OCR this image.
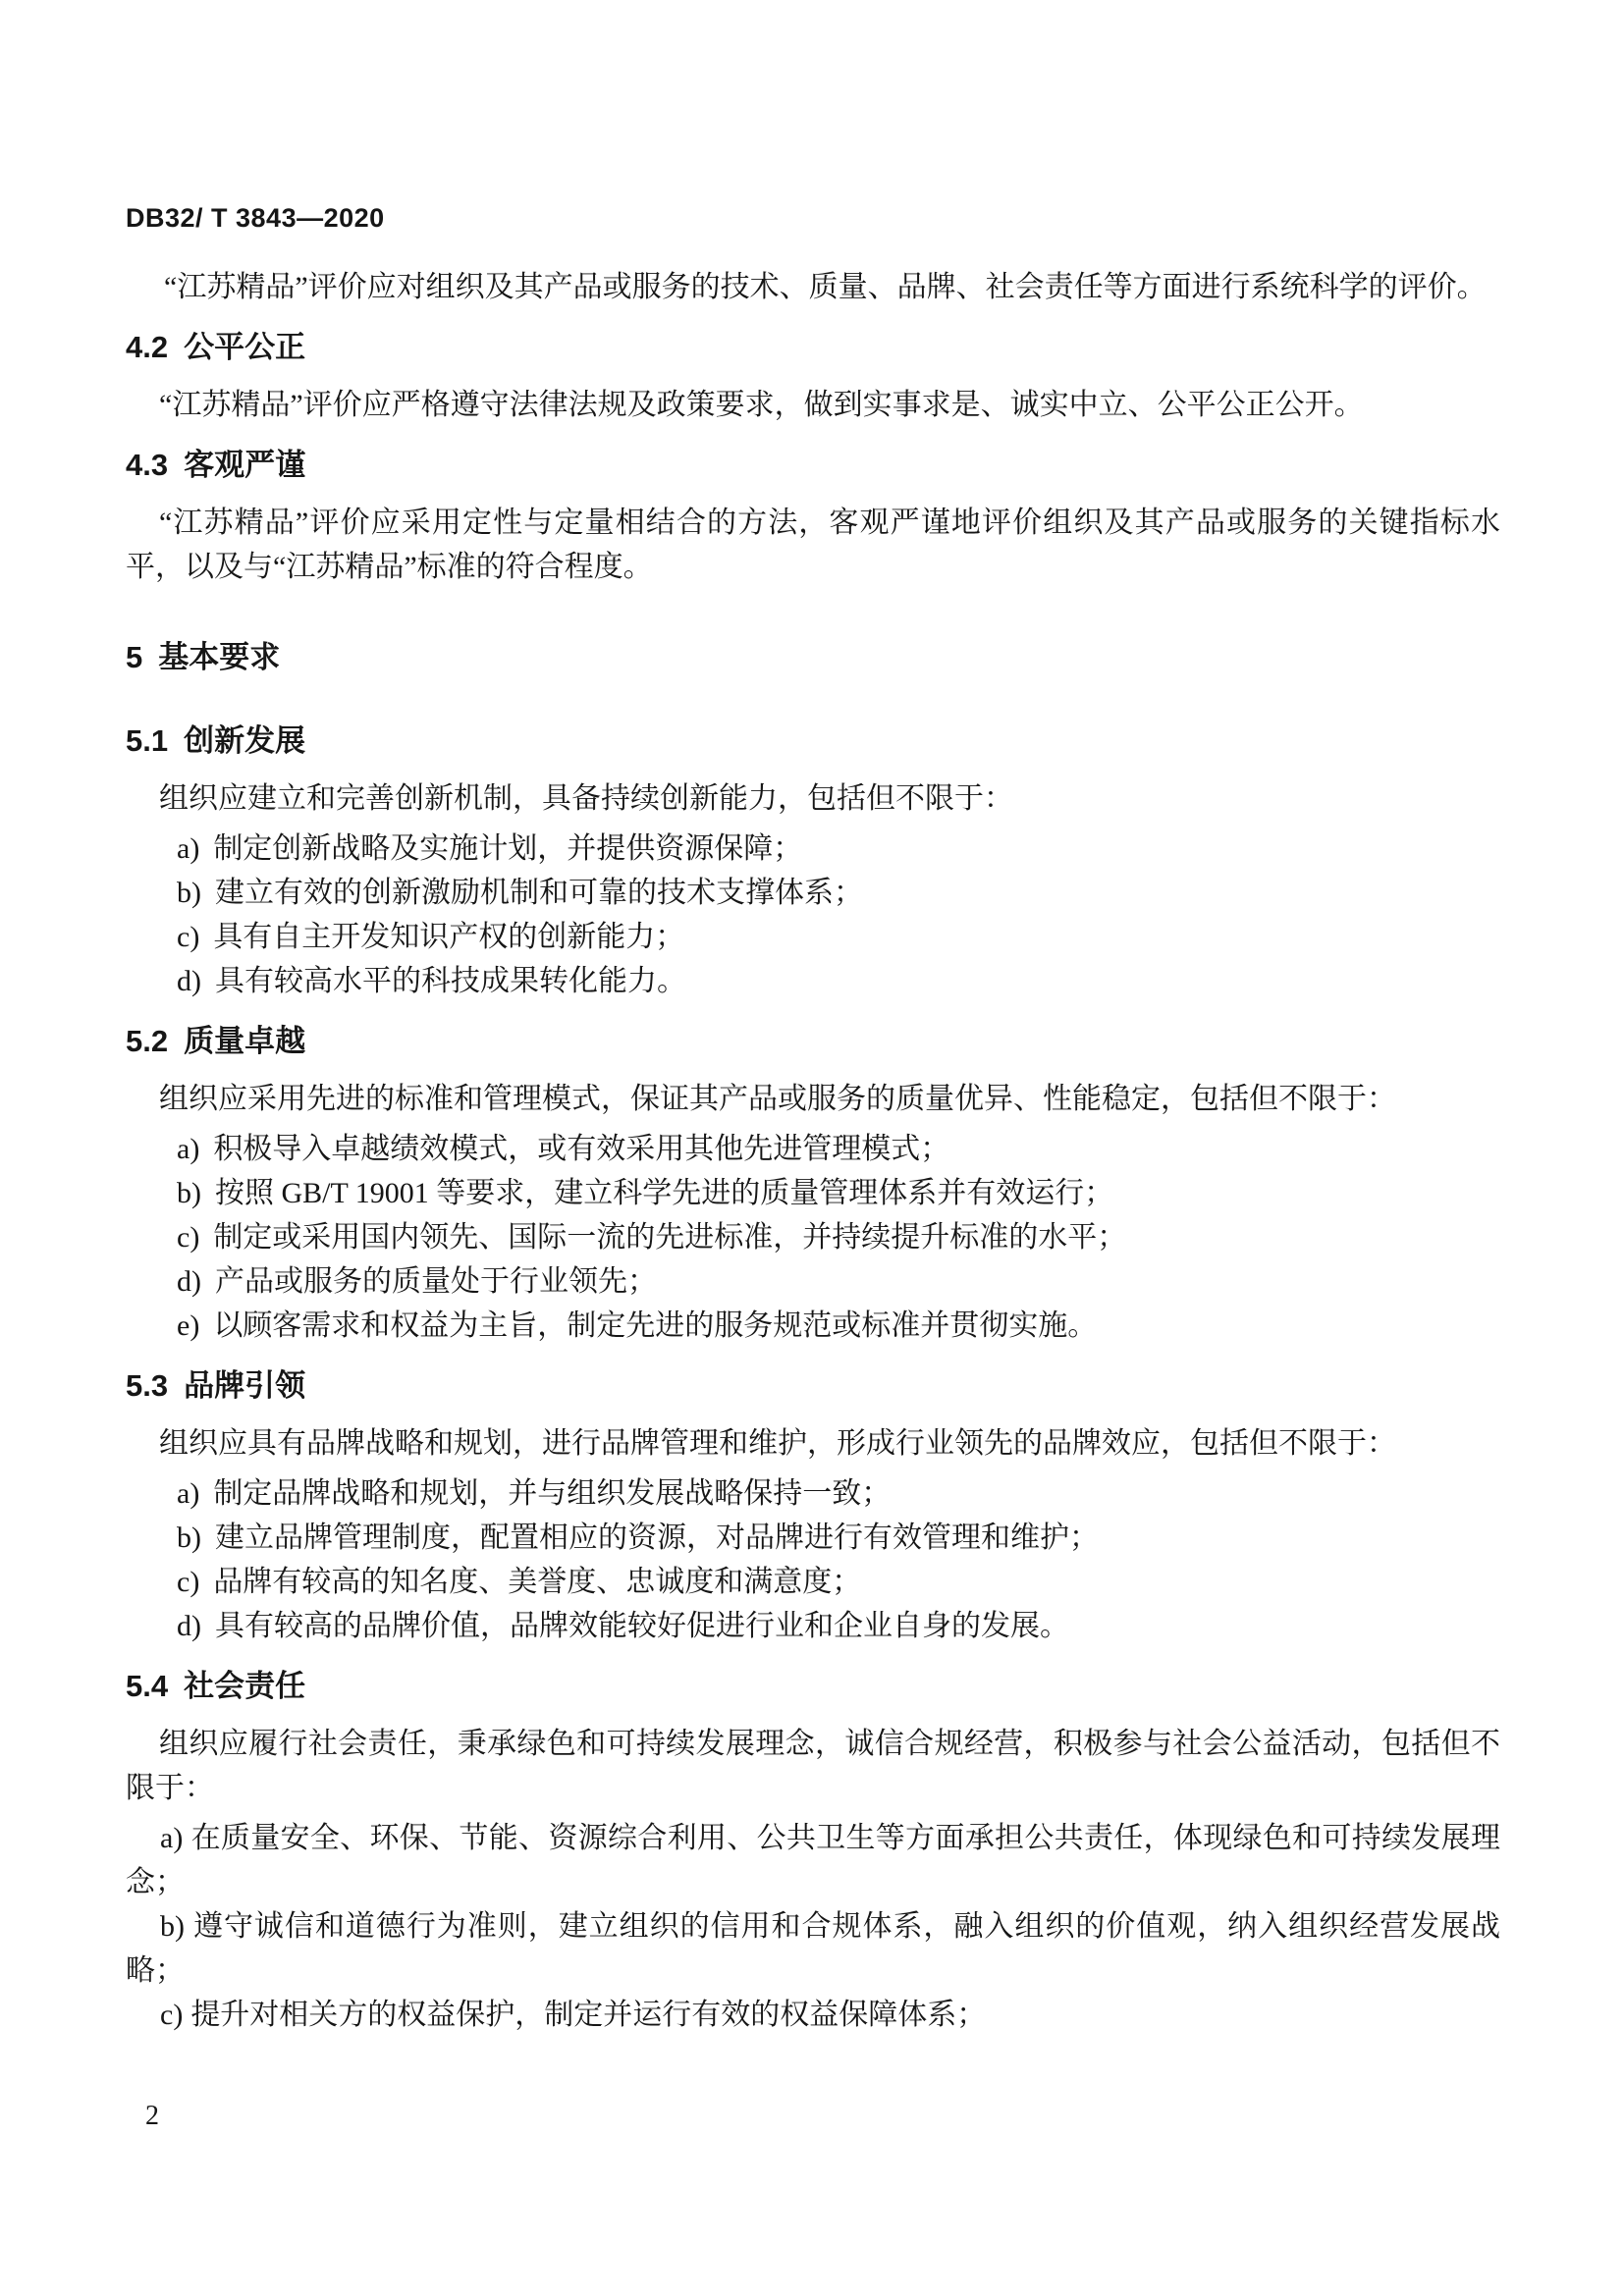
DB32/ T 3843—2020

“江苏精品”评价应对组织及其产品或服务的技术、质量、品牌、社会责任等方面进行系统科学的评价。

4.2 公平公正

“江苏精品”评价应严格遵守法律法规及政策要求，做到实事求是、诚实中立、公平公正公开。

4.3 客观严谨

“江苏精品”评价应采用定性与定量相结合的方法，客观严谨地评价组织及其产品或服务的关键指标水平，以及与“江苏精品”标准的符合程度。

5 基本要求
5.1 创新发展

组织应建立和完善创新机制，具备持续创新能力，包括但不限于：

a) 制定创新战略及实施计划，并提供资源保障；

b) 建立有效的创新激励机制和可靠的技术支撑体系；

c) 具有自主开发知识产权的创新能力；

d) 具有较高水平的科技成果转化能力。

5.2 质量卓越

组织应采用先进的标准和管理模式，保证其产品或服务的质量优异、性能稳定，包括但不限于：

a) 积极导入卓越绩效模式，或有效采用其他先进管理模式；

b) 按照 GB/T 19001 等要求，建立科学先进的质量管理体系并有效运行；

c) 制定或采用国内领先、国际一流的先进标准，并持续提升标准的水平；

d) 产品或服务的质量处于行业领先；

e) 以顾客需求和权益为主旨，制定先进的服务规范或标准并贯彻实施。

5.3 品牌引领

组织应具有品牌战略和规划，进行品牌管理和维护，形成行业领先的品牌效应，包括但不限于：

a) 制定品牌战略和规划，并与组织发展战略保持一致；

b) 建立品牌管理制度，配置相应的资源，对品牌进行有效管理和维护；

c) 品牌有较高的知名度、美誉度、忠诚度和满意度；

d) 具有较高的品牌价值，品牌效能较好促进行业和企业自身的发展。

5.4 社会责任

组织应履行社会责任，秉承绿色和可持续发展理念，诚信合规经营，积极参与社会公益活动，包括但不限于：

a) 在质量安全、环保、节能、资源综合利用、公共卫生等方面承担公共责任，体现绿色和可持续发展理念；

b) 遵守诚信和道德行为准则，建立组织的信用和合规体系，融入组织的价值观，纳入组织经营发展战略；

c) 提升对相关方的权益保护，制定并运行有效的权益保障体系；

2
